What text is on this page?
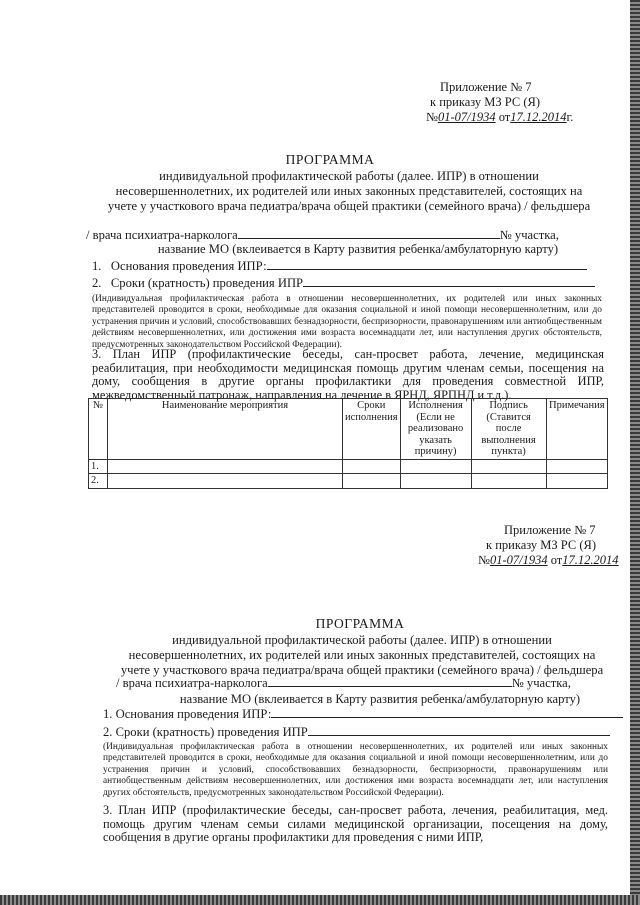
Приложение № 7
к приказу МЗ РС (Я)
№01-07/1934 от17.12.2014г.
ПРОГРАММА
индивидуальной профилактической работы (далее. ИПР) в отношении
несовершеннолетних, их родителей или иных законных представителей, состоящих на
учете у участкового врача педиатра/врача общей практики (семейного врача) / фельдшера
/ врача психиатра-нарколога	№ участка,
название МО (вклеивается в Карту развития ребенка/амбулаторную карту)
1. Основания проведения ИПР:
2. Сроки (кратность) проведения ИПР
(Индивидуальная профилактическая работа в отношении несовершеннолетних, их родителей или иных законных представителей проводится в сроки, необходимые для оказания социальной и иной помощи несовершеннолетним, или до устранения причин и условий, способствовавших безнадзорности, беспризорности, правонарушениям или антиобщественным действиям несовершеннолетних, или достижения ими возраста восемнадцати лет, или наступления других обстоятельств, предусмотренных законодательством Российской Федерации).
3. План ИПР (профилактические беседы, сан-просвет работа, лечение, медицинская реабилитация, при необходимости медицинская помощь другим членам семьи, посещения на дому, сообщения в другие органы профилактики для проведения совместной ИПР, межведомственный патронаж, направления на лечение в ЯРНД, ЯРПНД и т.д.).
№	Наименование мероприятия	Сроки исполнения	Исполнения (Если не реализовано указать причину)	Подпись (Ставится после выполнения пункта)	Примечания
1.					
2.					
Приложение № 7
к приказу МЗ РС (Я)
№01-07/1934 от17.12.2014
ПРОГРАММА
индивидуальной профилактической работы (далее. ИПР) в отношении
несовершеннолетних, их родителей или иных законных представителей, состоящих на
учете у участкового врача педиатра/врача общей практики (семейного врача) / фельдшера
/ врача психиатра-нарколога	№ участка,
название МО (вклеивается в Карту развития ребенка/амбулаторную карту)
1. Основания проведения ИПР:
2. Сроки (кратность) проведения ИПР
(Индивидуальная профилактическая работа в отношении несовершеннолетних, их родителей или иных законных представителей проводится в сроки, необходимые для оказания социальной и иной помощи несовершеннолетним, или до устранения причин и условий, способствовавших безнадзорности, беспризорности, правонарушениям или антиобщественным действиям несовершеннолетних, или достижения ими возраста восемнадцати лет, или наступления других обстоятельств, предусмотренных законодательством Российской Федерации).
3. План ИПР (профилактические беседы, сан-просвет работа, лечения, реабилитация, мед. помощь другим членам семьи силами медицинской организации, посещения на дому, сообщения в другие органы профилактики для проведения с ними ИПР,
